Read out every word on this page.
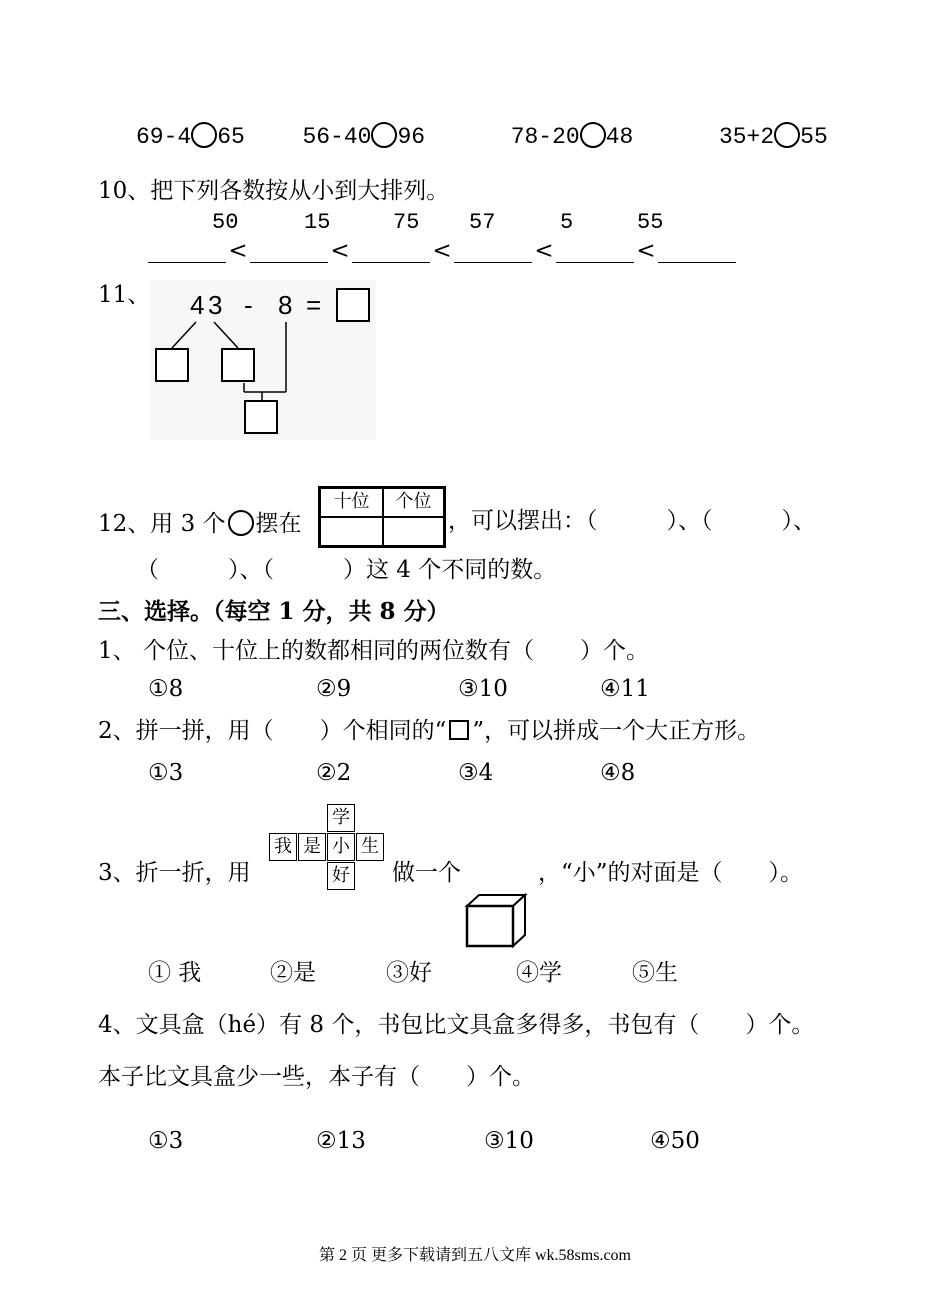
69-4 65	56-40 96	78-20 48	35+2 55
10、把下列各数按从小到大排列。
50	15	75 57	5	55
<	<	<	<	<
11、 4 3 - 8 =
12、用 3 个 摆在
十位	个位
，可以摆出：（　　　）、（　　　）、
（　　　）、（　　　）这 4 个不同的数。
三、选择。（每空 1 分，共 8 分）
1、 个位、十位上的数都相同的两位数有（　　）个。
①8	②9	③10	④11
2、拼一拼，用（　　）个相同的“ ”，可以拼成一个大正方形。
①3	②2	③4	④8
3、折一折，用
学
我 是 小 生
好 做一个	，“小”的对面是（　　）。
① 我	②是	③好	④学	⑤生
4、文具盒（hé）有 8 个，书包比文具盒多得多，书包有（　　）个。
本子比文具盒少一些，本子有（　　）个。
①3	②13	③10	④50
第 2 页 更多下载请到五八文库 wk.58sms.com
